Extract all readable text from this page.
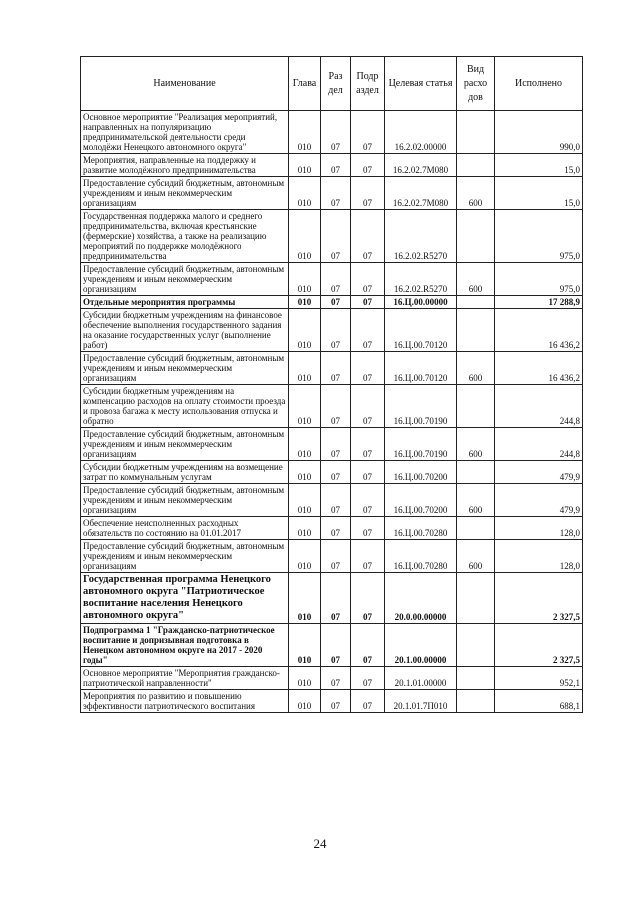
Наименование	Глава	Раз дел	Подр аздел	Целевая статья	Вид расхо дов	Исполнено
Основное мероприятие "Реализация мероприятий, направленных на популяризацию предпринимательской деятельности среди молодёжи Ненецкого автономного округа"	010	07	07	16.2.02.00000		990,0
Мероприятия, направленные на поддержку и развитие молодёжного предпринимательства	010	07	07	16.2.02.7M080		15,0
Предоставление субсидий бюджетным, автономным учреждениям и иным некоммерческим организациям	010	07	07	16.2.02.7M080	600	15,0
Государственная поддержка малого и среднего предпринимательства, включая крестьянские (фермерские) хозяйства, а также на реализацию мероприятий по поддержке молодёжного предпринимательства	010	07	07	16.2.02.R5270		975,0
Предоставление субсидий бюджетным, автономным учреждениям и иным некоммерческим организациям	010	07	07	16.2.02.R5270	600	975,0
Отдельные мероприятия программы	010	07	07	16.Ц.00.00000		17 288,9
Субсидии бюджетным учреждениям на финансовое обеспечение выполнения государственного задания на оказание государственных услуг (выполнение работ)	010	07	07	16.Ц.00.70120		16 436,2
Предоставление субсидий бюджетным, автономным учреждениям и иным некоммерческим организациям	010	07	07	16.Ц.00.70120	600	16 436,2
Субсидии бюджетным учреждениям на компенсацию расходов на оплату стоимости проезда и провоза багажа к месту использования отпуска и обратно	010	07	07	16.Ц.00.70190		244,8
Предоставление субсидий бюджетным, автономным учреждениям и иным некоммерческим организациям	010	07	07	16.Ц.00.70190	600	244,8
Субсидии бюджетным учреждениям на возмещение затрат по коммунальным услугам	010	07	07	16.Ц.00.70200		479,9
Предоставление субсидий бюджетным, автономным учреждениям и иным некоммерческим организациям	010	07	07	16.Ц.00.70200	600	479,9
Обеспечение неисполненных расходных обязательств по состоянию на 01.01.2017	010	07	07	16.Ц.00.70280		128,0
Предоставление субсидий бюджетным, автономным учреждениям и иным некоммерческим организациям	010	07	07	16.Ц.00.70280	600	128,0
Государственная программа Ненецкого автономного округа "Патриотическое воспитание населения Ненецкого автономного округа"	010	07	07	20.0.00.00000		2 327,5
Подпрограмма 1 "Гражданско-патриотическое воспитание и допризывная подготовка в Ненецком автономном округе на 2017 - 2020 годы"	010	07	07	20.1.00.00000		2 327,5
Основное мероприятие "Мероприятия гражданско-патриотической направленности"	010	07	07	20.1.01.00000		952,1
Мероприятия по развитию и повышению эффективности патриотического воспитания	010	07	07	20.1.01.7П010		688,1
24
